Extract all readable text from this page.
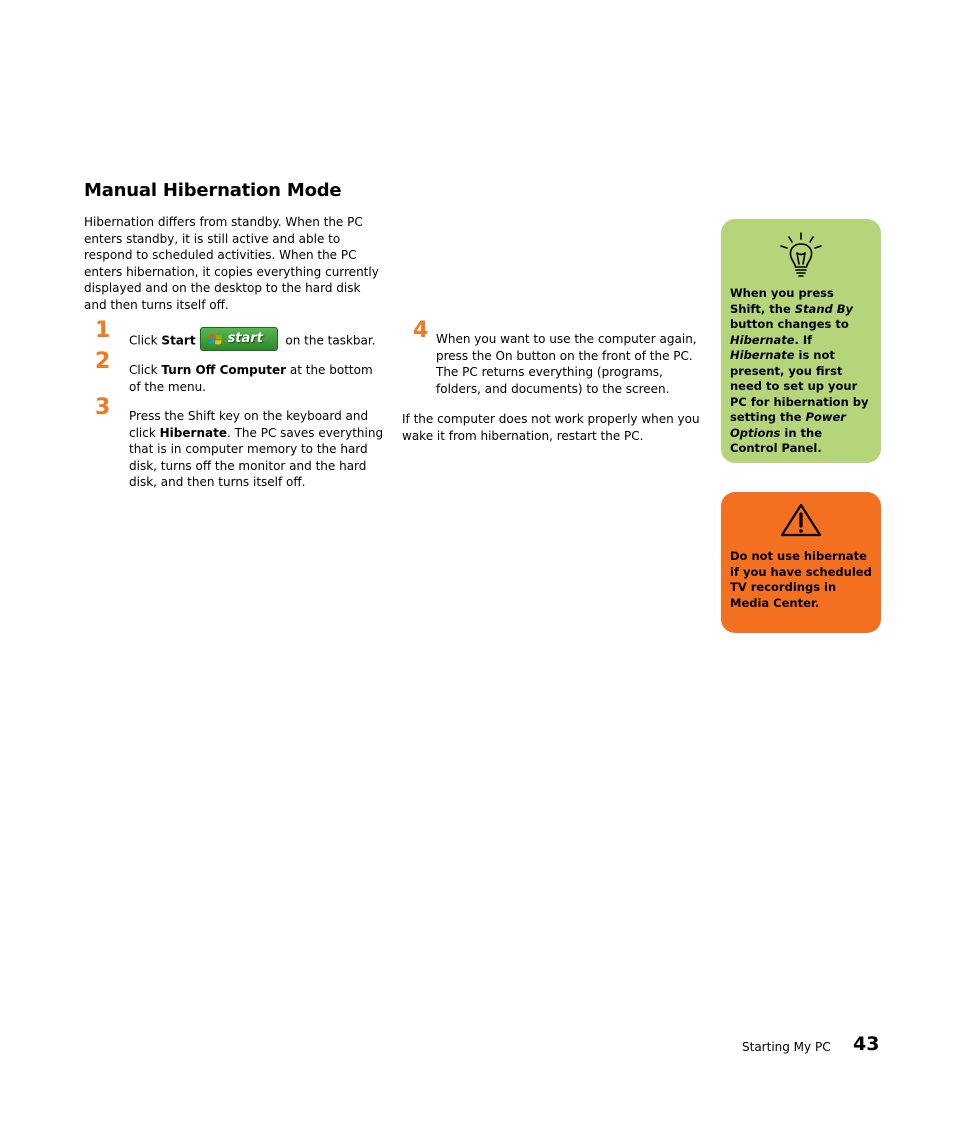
Manual Hibernation Mode

Hibernation differs from standby. When the PC enters standby, it is still active and able to respond to scheduled activities. When the PC enters hibernation, it copies everything currently displayed and on the desktop to the hard disk and then turns itself off.

1 Click Start start on the taskbar.
2 Click Turn Off Computer at the bottom of the menu.
3 Press the Shift key on the keyboard and click Hibernate. The PC saves everything that is in computer memory to the hard disk, turns off the monitor and the hard disk, and then turns itself off.
4 When you want to use the computer again, press the On button on the front of the PC. The PC returns everything (programs, folders, and documents) to the screen.

If the computer does not work properly when you wake it from hibernation, restart the PC.

When you press Shift, the Stand By button changes to Hibernate. If Hibernate is not present, you first need to set up your PC for hibernation by setting the Power Options in the Control Panel.

Do not use hibernate if you have scheduled TV recordings in Media Center.

Starting My PC 43
